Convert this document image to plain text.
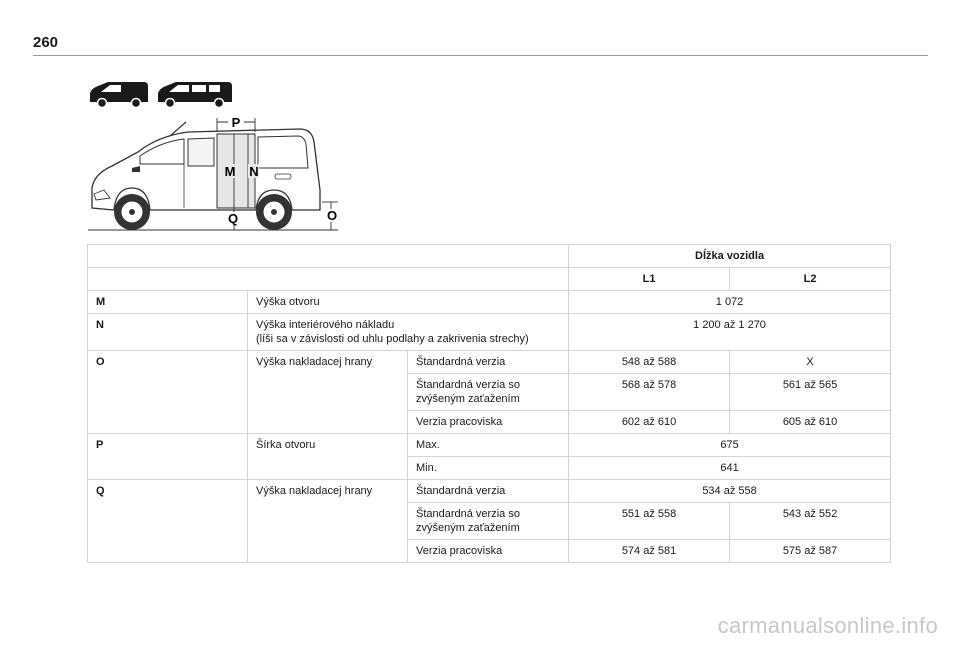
260
P
M N
Q	O
			Dĺžka vozidla	
			L1	L2
M	Výška otvoru		1 072	
N	Výška interiérového nákladu
(líši sa v závislosti od uhlu podlahy a zakrivenia strechy)		1 200 až 1 270	
O	Výška nakladacej hrany	Štandardná verzia	548 až 588	X
		Štandardná verzia so
zvýšeným zaťažením	568 až 578	561 až 565
		Verzia pracoviska	602 až 610	605 až 610
P	Šírka otvoru	Max.	675	
		Min.	641	
Q	Výška nakladacej hrany	Štandardná verzia	534 až 558	
		Štandardná verzia so
zvýšeným zaťažením	551 až 558	543 až 552
		Verzia pracoviska	574 až 581	575 až 587
carmanualsonline.info
